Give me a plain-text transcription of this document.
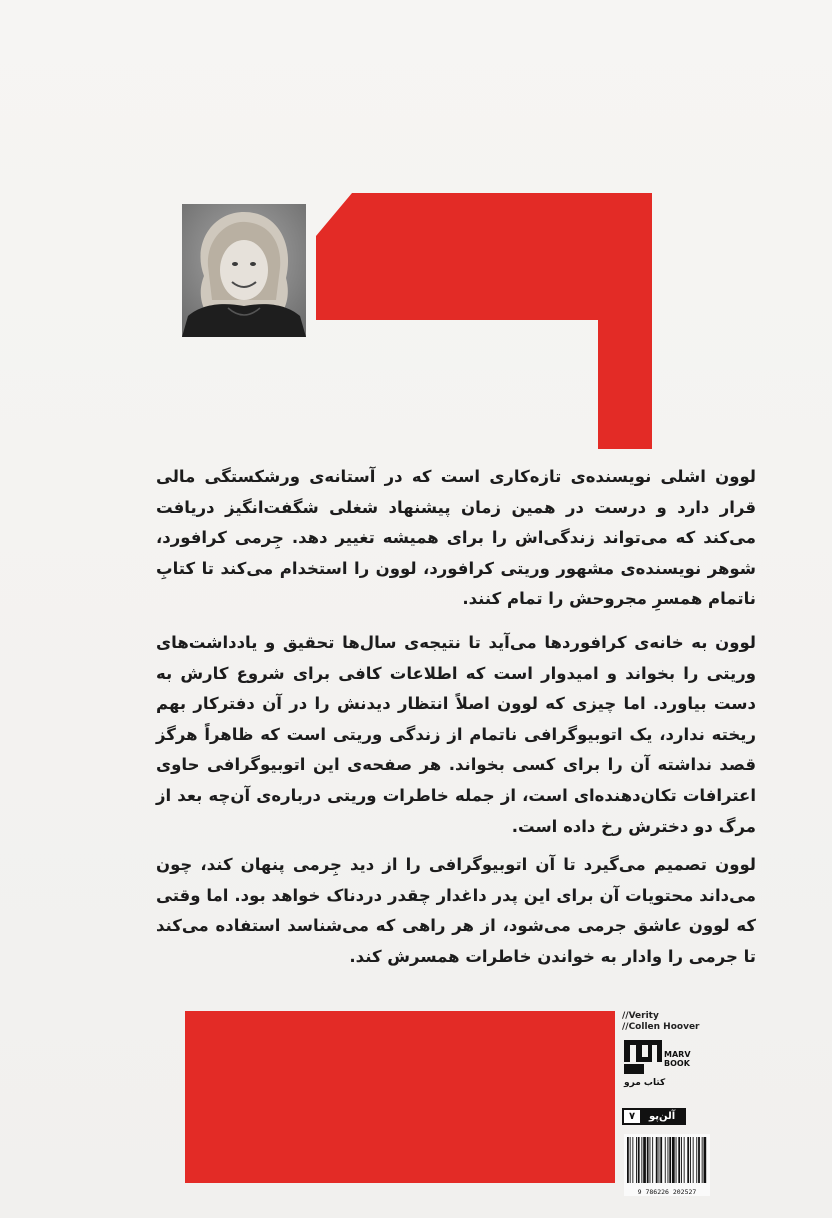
لوون اشلی نویسنده‌ی تازه‌کاری است که در آستانه‌ی ورشکستگی مالی قرار دارد و درست در همین زمان پیشنهاد شغلی شگفت‌انگیز دریافت می‌کند که می‌تواند زندگی‌اش را برای همیشه تغییر دهد. جِرمی کرافورد، شوهر نویسنده‌ی مشهور وریتی کرافورد، لوون را استخدام می‌کند تا کتابِ ناتمام همسرِ مجروحش را تمام کنند.

لوون به خانه‌ی کرافوردها می‌آید تا نتیجه‌ی سال‌ها تحقیق و یادداشت‌های وریتی را بخواند و امیدوار است که اطلاعات کافی برای شروع کارش به دست بیاورد. اما چیزی که لوون اصلاً انتظار دیدنش را در آن دفترکار بهم ریخته ندارد، یک اتوبیوگرافی ناتمام از زندگی وریتی است که ظاهراً هرگز قصد نداشته آن را برای کسی بخواند. هر صفحه‌ی این اتوبیوگرافی حاوی اعترافات تکان‌دهنده‌ای است، از جمله خاطرات وریتی درباره‌ی آن‌چه بعد از مرگ دو دخترش رخ داده است.

لوون تصمیم می‌گیرد تا آن اتوبیوگرافی را از دید جِرمی پنهان کند، چون می‌داند محتویات آن برای این پدر داغدار چقدر دردناک خواهد بود. اما وقتی که لوون عاشق جرمی می‌شود، از هر راهی که می‌شناسد استفاده می‌کند تا جرمی را وادار به خواندن خاطرات همسرش کند.

//Verity
//Collen Hoover
MARV
BOOK
کتاب مرو
آلن‌پو
۷
9 786226 202527
